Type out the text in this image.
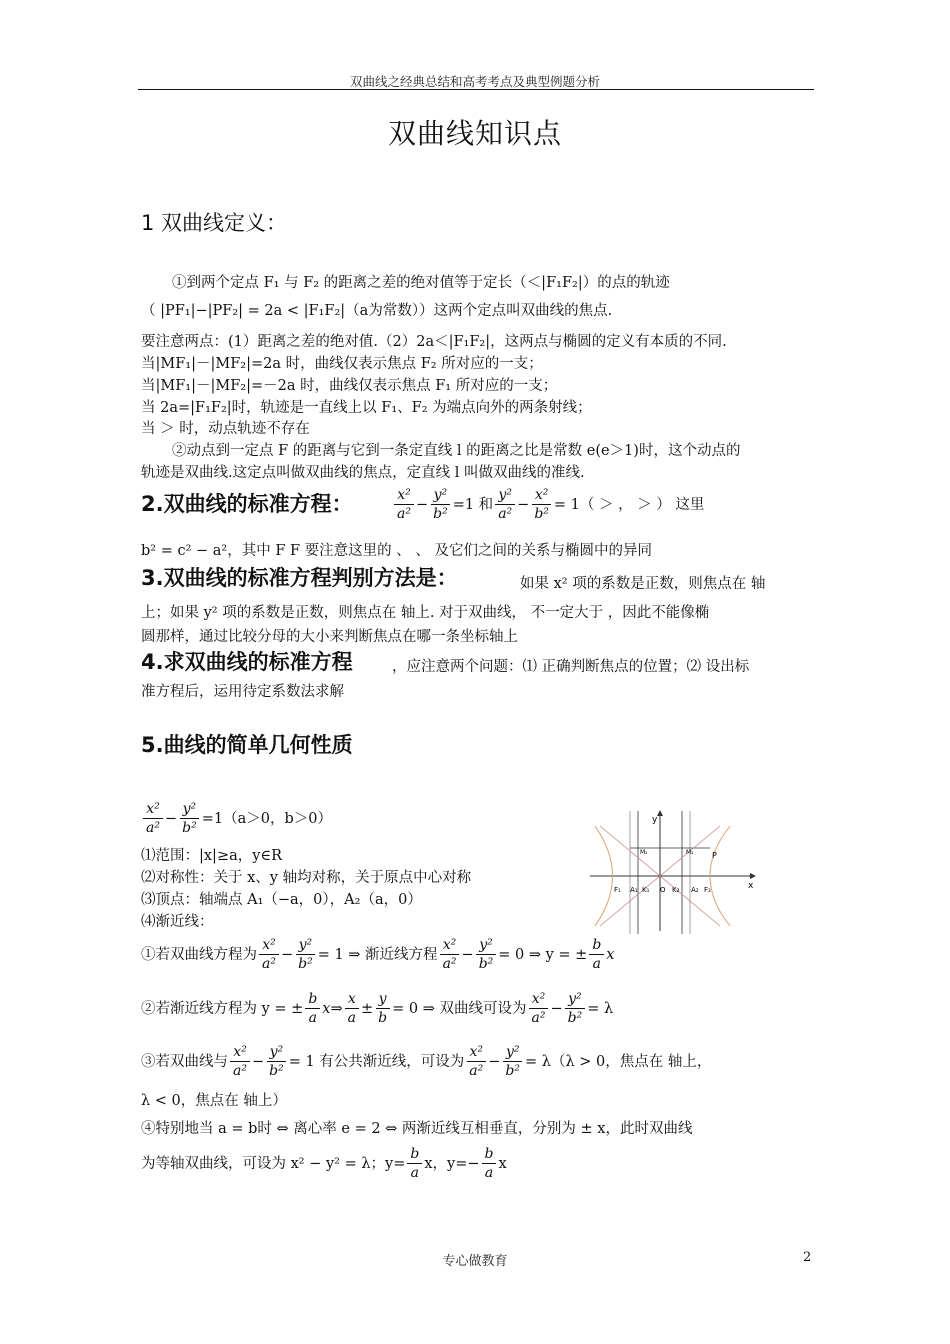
双曲线之经典总结和高考考点及典型例题分析
双曲线知识点
1 双曲线定义：
①到两个定点 F₁ 与 F₂ 的距离之差的绝对值等于定长（＜|F₁F₂|）的点的轨迹
（ |PF₁|−|PF₂| = 2a < |F₁F₂|（a为常数））这两个定点叫双曲线的焦点.
要注意两点：(1）距离之差的绝对值.（2）2a＜|F₁F₂|，这两点与椭圆的定义有本质的不同.
当|MF₁|－|MF₂|=2a 时，曲线仅表示焦点 F₂ 所对应的一支；
当|MF₁|－|MF₂|=－2a 时，曲线仅表示焦点 F₁ 所对应的一支；
当 2a=|F₁F₂|时，轨迹是一直线上以 F₁、F₂ 为端点向外的两条射线；
当 ＞ 时，动点轨迹不存在
②动点到一定点 F 的距离与它到一条定直线 l 的距离之比是常数 e(e＞1)时，这个动点的
轨迹是双曲线.这定点叫做双曲线的焦点，定直线 l 叫做双曲线的准线.
2.双曲线的标准方程：	$\frac{\text{x²}}{\text{a²}} - \frac{\text{y²}}{\text{b²}} =1$ 和 $\frac{\text{y²}}{\text{a²}} - \frac{\text{x²}}{\text{b²}} = 1$（ ＞ ， ＞ ） 这里
b² = c² − a²，其中 F F 要注意这里的 、 、 及它们之间的关系与椭圆中的异同
3.双曲线的标准方程判别方法是：	如果 x² 项的系数是正数，则焦点在 轴
上；如果 y² 项的系数是正数，则焦点在 轴上. 对于双曲线， 不一定大于 ，因此不能像椭
圆那样，通过比较分母的大小来判断焦点在哪一条坐标轴上
4.求双曲线的标准方程	，应注意两个问题：⑴ 正确判断焦点的位置；⑵ 设出标
准方程后，运用待定系数法求解
5.曲线的简单几何性质
$\frac{\text{x²}}{\text{a²}} - \frac{\text{y²}}{\text{b²}} =1(a>0$，b＞0）
⑴范围：|x|≥a，y∈R
⑵对称性：关于 x、y 轴均对称，关于原点中心对称
⑶顶点：轴端点 A₁（−a，0），A₂（a，0）
⑷渐近线：
y
x
O
P
M₁	M₂
F₁ A₁ K₁	K₂ A₂ F₂
①若双曲线方程为 $\frac{\text{x²}}{\text{a²}} - \frac{\text{y²}}{\text{b²}} = 1$ ⇒ 渐近线方程 $\frac{\text{x²}}{\text{a²}} - \frac{\text{y²}}{\text{b²}} = 0$ ⇒ y = ± $\frac{b}{a}$ x
②若渐近线方程为 y = ± $\frac{b}{a}$ x ⇒ $\frac{x}{a} \pm \frac{y}{b} = 0$ ⇒ 双曲线可设为 $\frac{\text{x²}}{\text{a²}} - \frac{\text{y²}}{\text{b²}} = \lambda$
③若双曲线与 $\frac{\text{x²}}{\text{a²}} - \frac{\text{y²}}{\text{b²}} = 1$ 有公共渐近线，可设为 $\frac{\text{x²}}{\text{a²}} - \frac{\text{y²}}{\text{b²}} = \lambda(\lambda > 0$，焦点在 轴上，
λ < 0，焦点在 轴上）
④特别地当 a = b时 ⇔ 离心率 e = 2 ⇔ 两渐近线互相垂直，分别为 ± x，此时双曲线
为等轴双曲线，可设为 x² − y² = λ； $y= \frac{b}{a}$ x，$y=- \frac{b}{a}$ x
专心做教育	2
